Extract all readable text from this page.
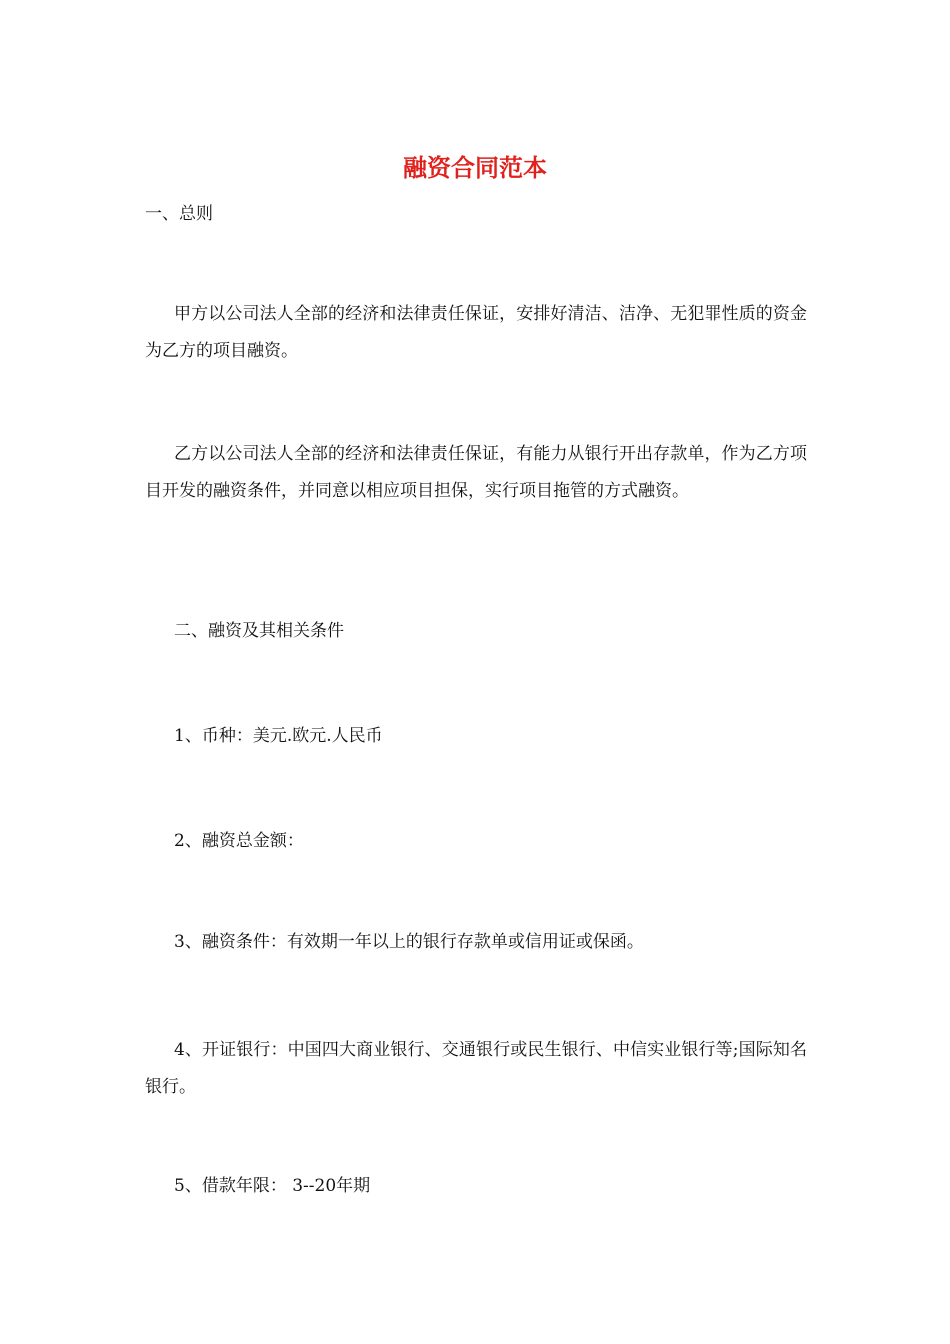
融资合同范本

一、总则

甲方以公司法人全部的经济和法律责任保证，安排好清洁、洁净、无犯罪性质的资金为乙方的项目融资。

乙方以公司法人全部的经济和法律责任保证，有能力从银行开出存款单，作为乙方项目开发的融资条件，并同意以相应项目担保，实行项目拖管的方式融资。

二、融资及其相关条件

1、币种：美元.欧元.人民币

2、融资总金额：

3、融资条件：有效期一年以上的银行存款单或信用证或保函。

4、开证银行：中国四大商业银行、交通银行或民生银行、中信实业银行等;国际知名银行。

5、借款年限： 3--20年期
